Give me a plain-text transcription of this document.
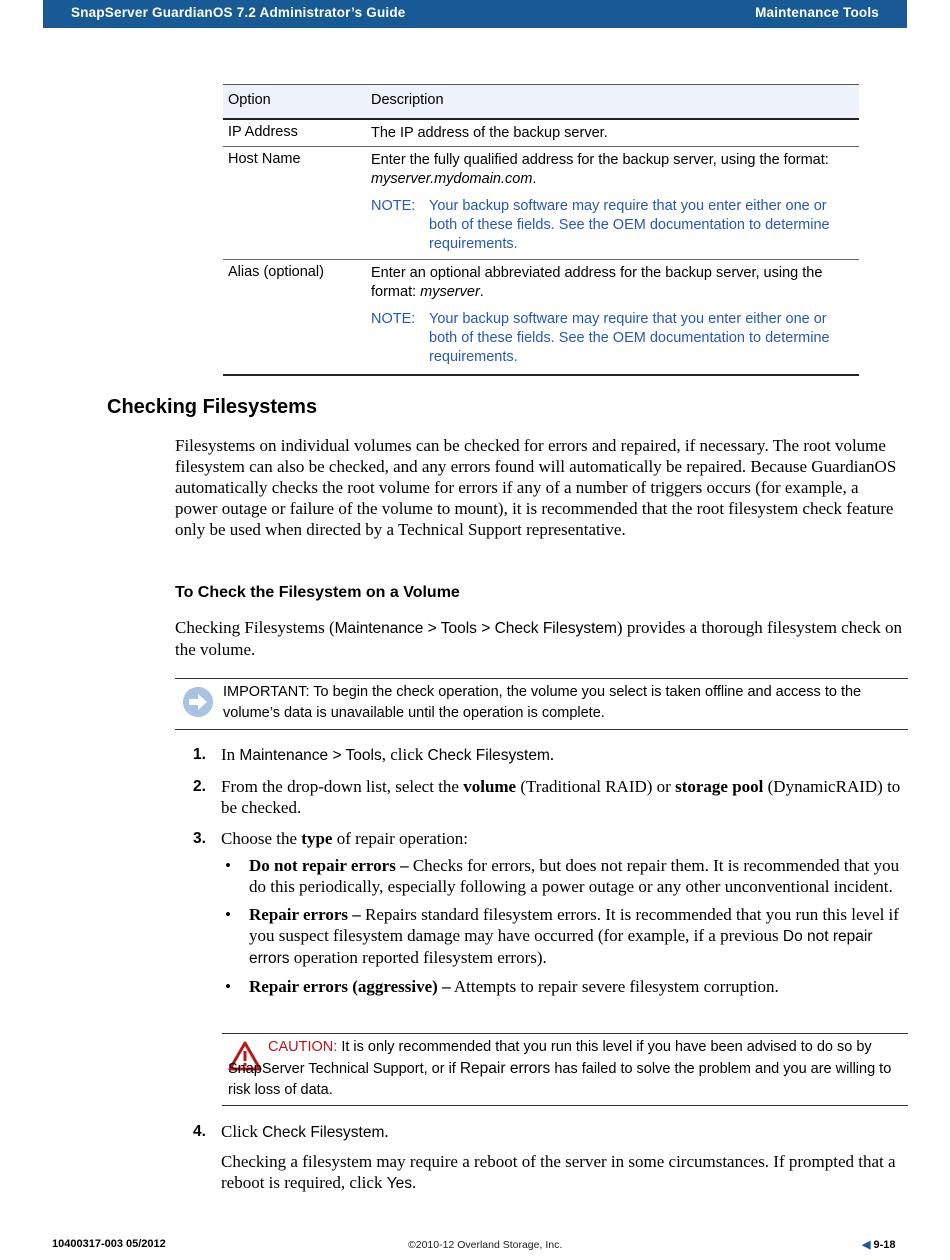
SnapServer GuardianOS 7.2 Administrator’s Guide	Maintenance Tools
Option	Description
IP Address	The IP address of the backup server.

Host Name	Enter the fully qualified address for the backup server, using the format: myserver.mydomain.com.

NOTE: Your backup software may require that you enter either one or both of these fields. See the OEM documentation to determine requirements.
Alias (optional)	Enter an optional abbreviated address for the backup server, using the format: myserver.

NOTE: Your backup software may require that you enter either one or both of these fields. See the OEM documentation to determine requirements.
Checking Filesystems

Filesystems on individual volumes can be checked for errors and repaired, if necessary. The root volume filesystem can also be checked, and any errors found will automatically be repaired. Because GuardianOS automatically checks the root volume for errors if any of a number of triggers occurs (for example, a power outage or failure of the volume to mount), it is recommended that the root filesystem check feature only be used when directed by a Technical Support representative.

To Check the Filesystem on a Volume

Checking Filesystems (Maintenance > Tools > Check Filesystem) provides a thorough filesystem check on the volume.

IMPORTANT: To begin the check operation, the volume you select is taken offline and access to the volume’s data is unavailable until the operation is complete.
1. In Maintenance > Tools, click Check Filesystem.

2. From the drop-down list, select the volume (Traditional RAID) or storage pool (DynamicRAID) to be checked.

3. Choose the type of repair operation:

• Do not repair errors – Checks for errors, but does not repair them. It is recommended that you do this periodically, especially following a power outage or any other unconventional incident.
• Repair errors – Repairs standard filesystem errors. It is recommended that you run this level if you suspect filesystem damage may have occurred (for example, if a previous Do not repair errors operation reported filesystem errors).
• Repair errors (aggressive) – Attempts to repair severe filesystem corruption.
CAUTION: It is only recommended that you run this level if you have been advised to do so by SnapServer Technical Support, or if Repair errors has failed to solve the problem and you are willing to risk loss of data.
4. Click Check Filesystem.

Checking a filesystem may require a reboot of the server in some circumstances. If prompted that a reboot is required, click Yes.

10400317-003 05/2012	©2010-12 Overland Storage, Inc.	◀ 9-18
